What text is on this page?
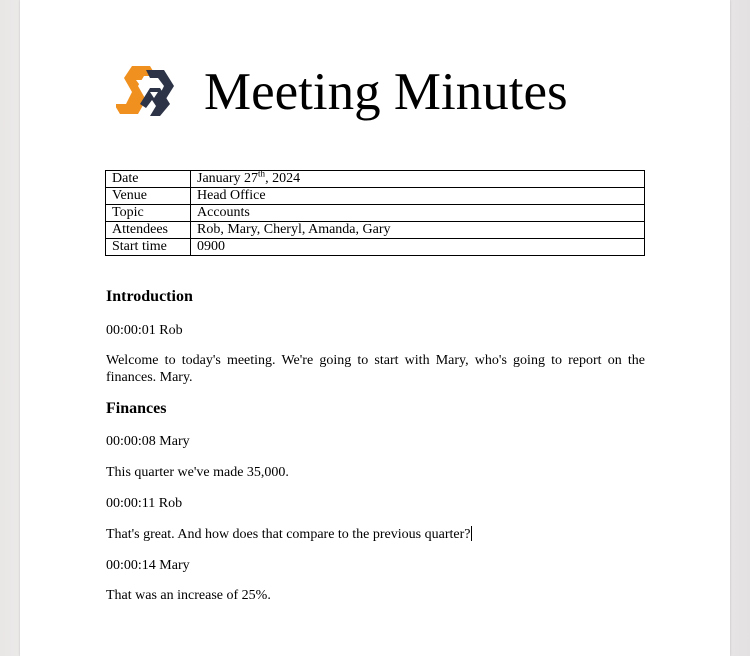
Meeting Minutes
Date	January 27th, 2024
Venue	Head Office
Topic	Accounts
Attendees	Rob, Mary, Cheryl, Amanda, Gary
Start time	0900
Introduction
00:00:01 Rob
Welcome to today's meeting. We're going to start with Mary, who's going to report on the finances. Mary.
Finances
00:00:08 Mary
This quarter we've made 35,000.
00:00:11 Rob
That's great. And how does that compare to the previous quarter?
00:00:14 Mary
That was an increase of 25%.
